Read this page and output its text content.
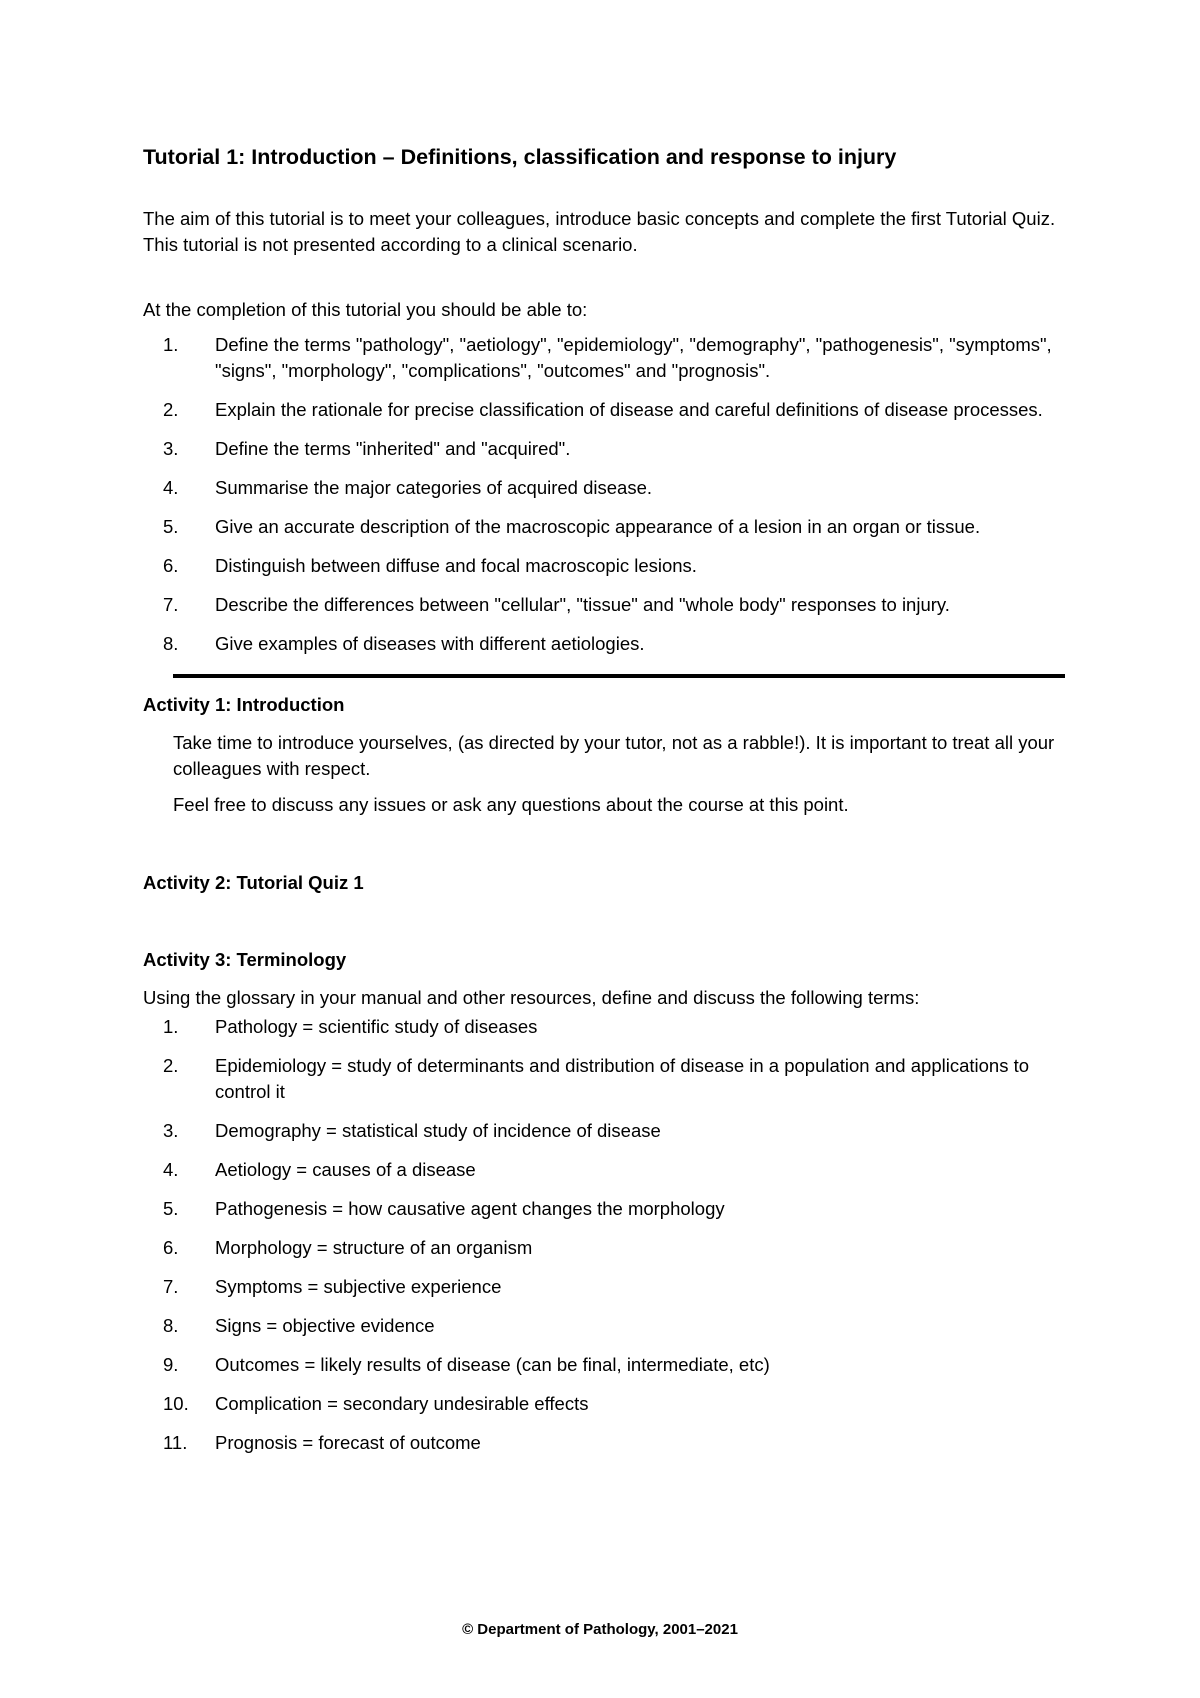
Tutorial 1: Introduction – Definitions, classification and response to injury

The aim of this tutorial is to meet your colleagues, introduce basic concepts and complete the first Tutorial Quiz. This tutorial is not presented according to a clinical scenario.

At the completion of this tutorial you should be able to:

1.	Define the terms "pathology", "aetiology", "epidemiology", "demography", "pathogenesis", "symptoms", "signs", "morphology", "complications", "outcomes" and "prognosis".
2.	Explain the rationale for precise classification of disease and careful definitions of disease processes.
3.	Define the terms "inherited" and "acquired".
4.	Summarise the major categories of acquired disease.
5.	Give an accurate description of the macroscopic appearance of a lesion in an organ or tissue.
6.	Distinguish between diffuse and focal macroscopic lesions.
7.	Describe the differences between "cellular", "tissue" and "whole body" responses to injury.
8.	Give examples of diseases with different aetiologies.
Activity 1: Introduction

Take time to introduce yourselves, (as directed by your tutor, not as a rabble!). It is important to treat all your colleagues with respect.

Feel free to discuss any issues or ask any questions about the course at this point.

Activity 2: Tutorial Quiz 1
Activity 3: Terminology

Using the glossary in your manual and other resources, define and discuss the following terms:

1.	Pathology = scientific study of diseases
2.	Epidemiology = study of determinants and distribution of disease in a population and applications to control it
3.	Demography = statistical study of incidence of disease
4.	Aetiology = causes of a disease
5.	Pathogenesis = how causative agent changes the morphology
6.	Morphology = structure of an organism
7.	Symptoms = subjective experience
8.	Signs = objective evidence
9.	Outcomes = likely results of disease (can be final, intermediate, etc)
10.	Complication = secondary undesirable effects
11.	Prognosis = forecast of outcome
© Department of Pathology, 2001–2021
